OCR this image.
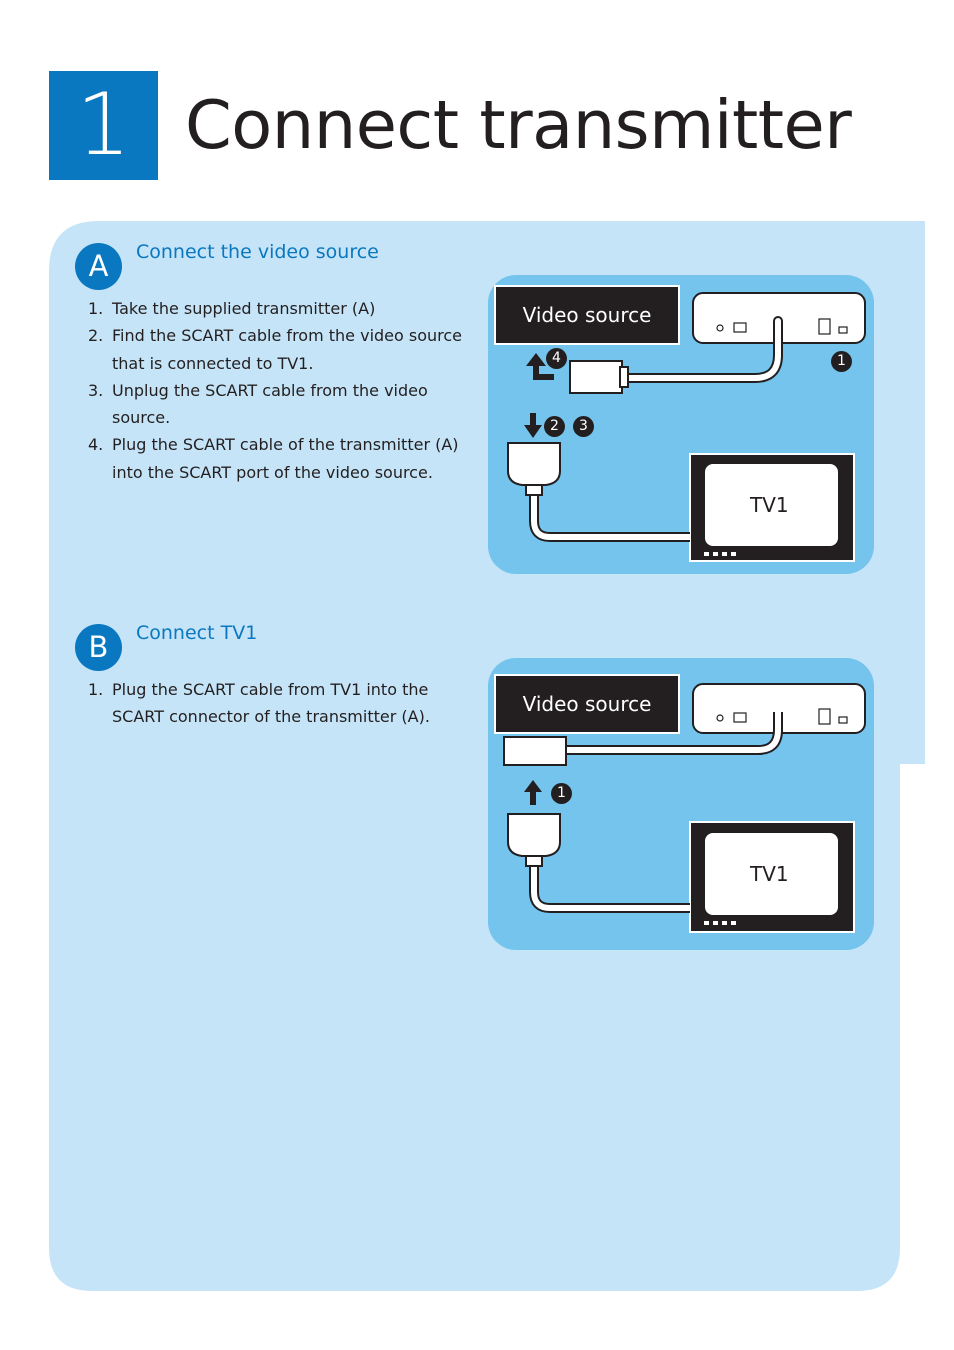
1 Connect transmitter
A	Connect the video source
1. Take the supplied transmitter (A)
2. Find the SCART cable from the video source that is connected to TV1.
3. Unplug the SCART cable from the video source.
4. Plug the SCART cable of the transmitter (A) into the SCART port of the video source.
Video source
TV1
4	1
2	3
B	Connect TV1
1. Plug the SCART cable from TV1 into the SCART connector of the transmitter (A).
Video source
TV1
1
